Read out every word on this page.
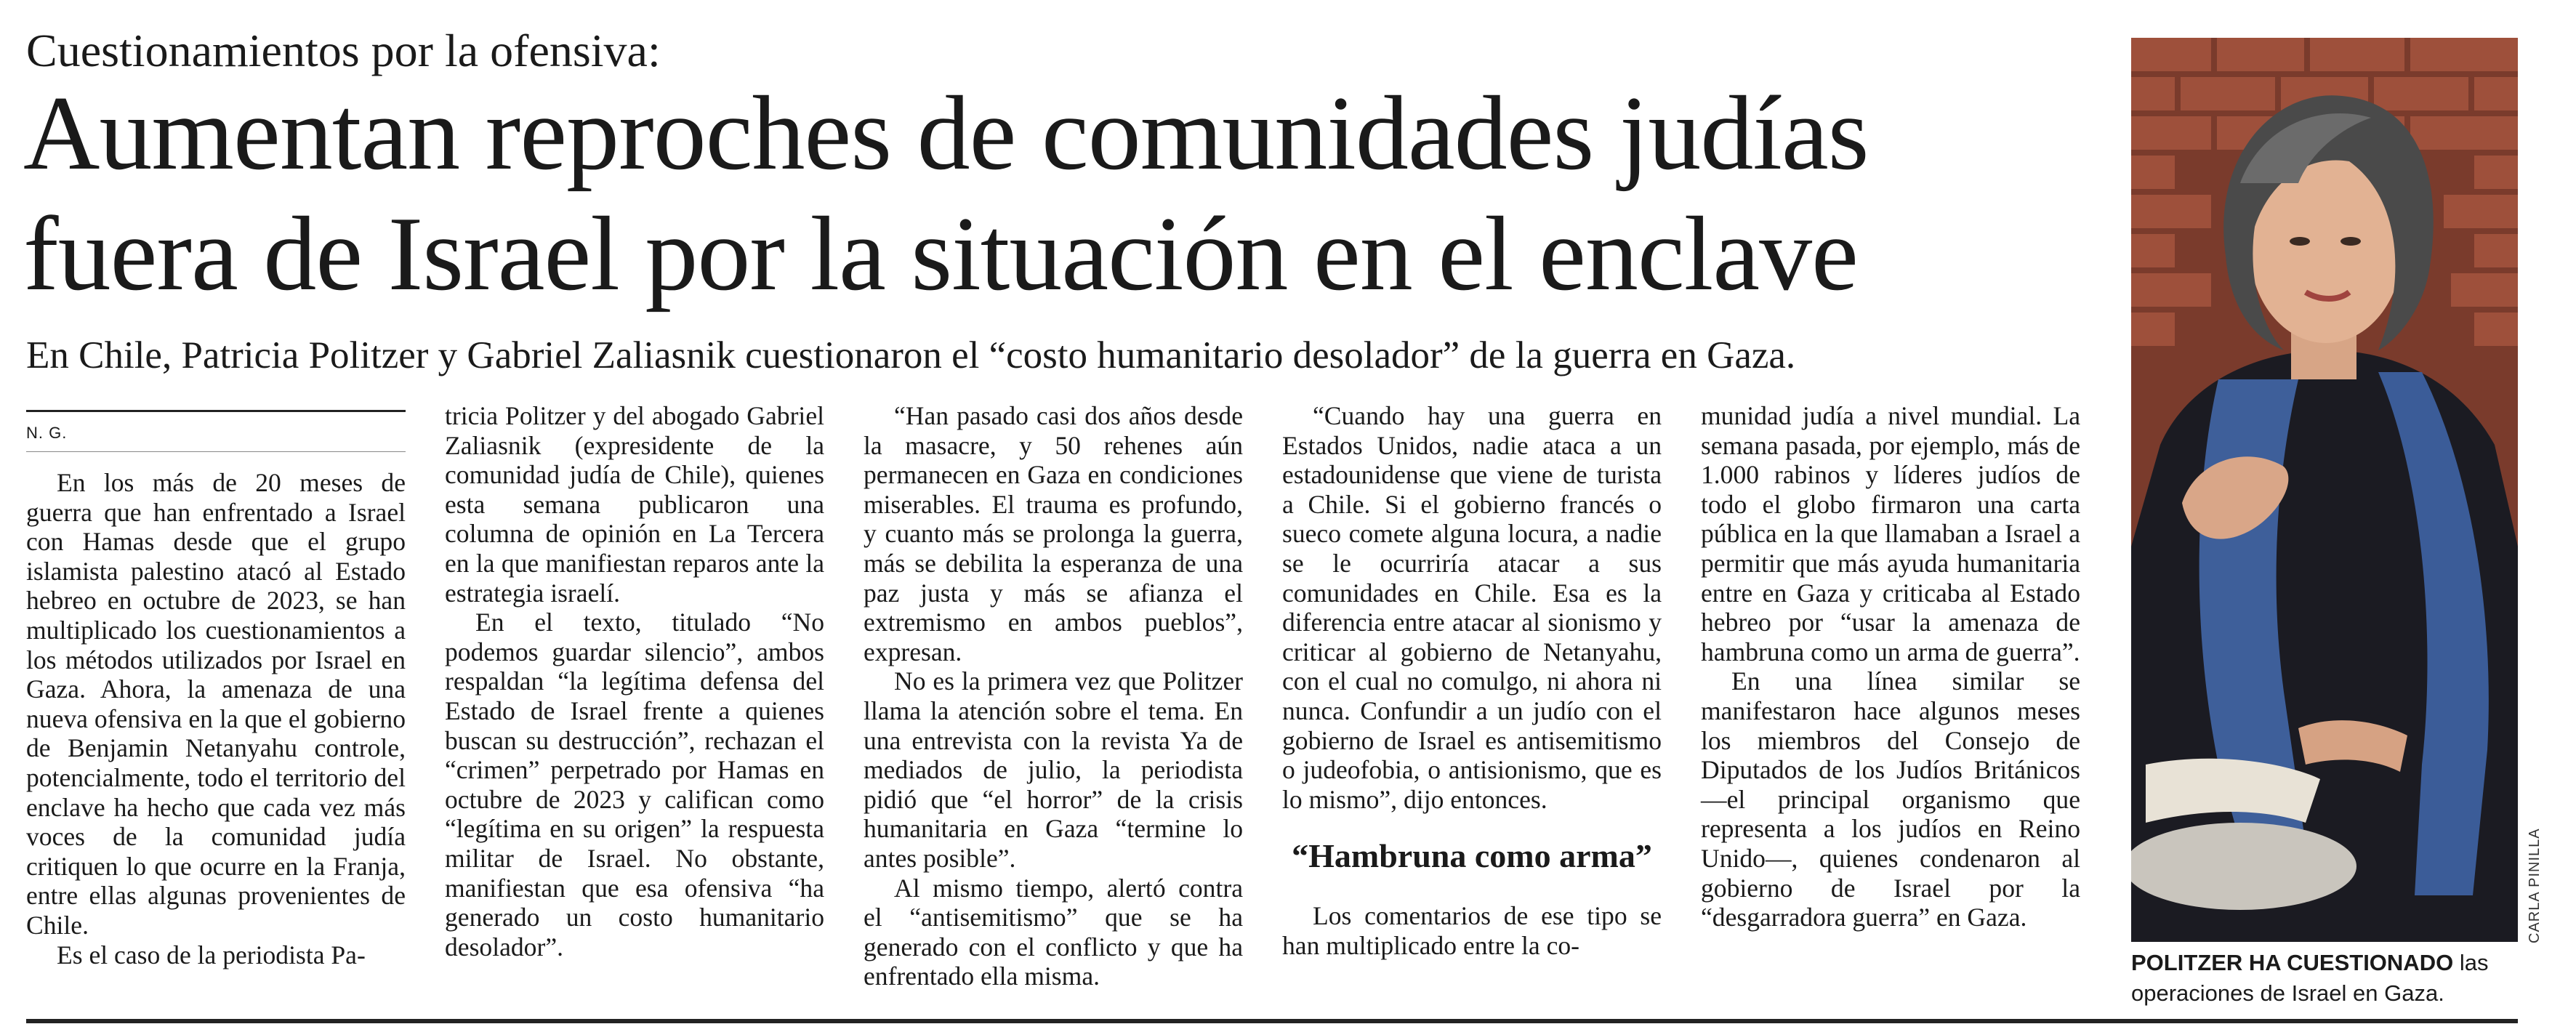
Cuestionamientos por la ofensiva:
Aumentan reproches de comunidades judías
fuera de Israel por la situación en el enclave
En Chile, Patricia Politzer y Gabriel Zaliasnik cuestionaron el “costo humanitario desolador” de la guerra en Gaza.
N. G.

En los más de 20 meses de guerra que han enfrentado a Israel con Hamas desde que el grupo islamista palestino atacó al Estado hebreo en octubre de 2023, se han multiplicado los cuestionamientos a los métodos utilizados por Israel en Gaza. Ahora, la amenaza de una nueva ofensiva en la que el gobierno de Benjamin Netanyahu controle, potencialmente, todo el territorio del enclave ha hecho que cada vez más voces de la comunidad judía critiquen lo que ocurre en la Franja, entre ellas algunas provenientes de Chile.

Es el caso de la periodista Pa-

tricia Politzer y del abogado Gabriel Zaliasnik (expresidente de la comunidad judía de Chile), quienes esta semana publicaron una columna de opinión en La Tercera en la que manifiestan reparos ante la estrategia israelí.

En el texto, titulado “No podemos guardar silencio”, ambos respaldan “la legítima defensa del Estado de Israel frente a quienes buscan su destrucción”, rechazan el “crimen” perpetrado por Hamas en octubre de 2023 y califican como “legítima en su origen” la respuesta militar de Israel. No obstante, manifiestan que esa ofensiva “ha generado un costo humanitario desolador”.

“Han pasado casi dos años desde la masacre, y 50 rehenes aún permanecen en Gaza en condiciones miserables. El trauma es profundo, y cuanto más se prolonga la guerra, más se debilita la esperanza de una paz justa y más se afianza el extremismo en ambos pueblos”, expresan.

No es la primera vez que Politzer llama la atención sobre el tema. En una entrevista con la revista Ya de mediados de julio, la periodista pidió que “el horror” de la crisis humanitaria en Gaza “termine lo antes posible”.

Al mismo tiempo, alertó contra el “antisemitismo” que se ha generado con el conflicto y que ha enfrentado ella misma.

“Cuando hay una guerra en Estados Unidos, nadie ataca a un estadounidense que viene de turista a Chile. Si el gobierno francés o sueco comete alguna locura, a nadie se le ocurriría atacar a sus comunidades en Chile. Esa es la diferencia entre atacar al sionismo y criticar al gobierno de Netanyahu, con el cual no comulgo, ni ahora ni nunca. Confundir a un judío con el gobierno de Israel es antisemitismo o judeofobia, o antisionismo, que es lo mismo”, dijo entonces.

“Hambruna como arma”

Los comentarios de ese tipo se han multiplicado entre la co-

munidad judía a nivel mundial. La semana pasada, por ejemplo, más de 1.000 rabinos y líderes judíos de todo el globo firmaron una carta pública en la que llamaban a Israel a permitir que más ayuda humanitaria entre en Gaza y criticaba al Estado hebreo por “usar la amenaza de hambruna como un arma de guerra”.

En una línea similar se manifestaron hace algunos meses los miembros del Consejo de Diputados de los Judíos Británicos —el principal organismo que representa a los judíos en Reino Unido—, quienes condenaron al gobierno de Israel por la “desgarradora guerra” en Gaza.	CARLA PINILLA
POLITZER HA CUESTIONADO las operaciones de Israel en Gaza.
